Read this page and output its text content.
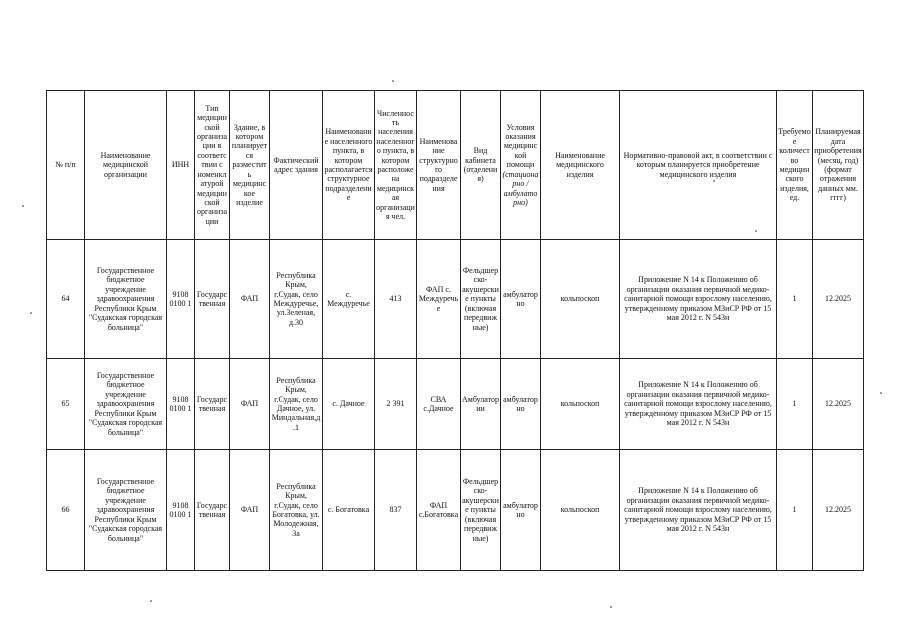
№ п/п	Наименование медицинской организации	ИНН	Тип медицинской организации в соответствии с номенклатурой медицинской организации	Здание, в котором планируется разместить медицинское изделие	Фактический адрес здания	Наименование населенного пункта, в котором располагается структурное подразделение	Численность населения населенного пункта, в котором расположена медицинская организация чел.	Наименование структурного подразделения	Вид кабинета (отделения)	Условия оказания медицинской помощи (стационарно / амбулаторно)	Наименование медицинского изделия	Нормативно-правовой акт, в соответствии с которым планируется приобретение медицинского изделия	Требуемое количество медицинского изделия, ед.	Планируемая дата приобретения (месяц, год) (формат отражения данных мм. гггг)
64	Государственное бюджетное учреждение здравоохранения Республики Крым "Судакская городская больница"	9108 0100 1	Государственная	ФАП	Республика Крым, г.Судак, село Междуречье, ул.Зеленая, д.30	с. Междуречье	413	ФАП с. Междуречье	Фельдшерско-акушерские пункты (включая передвижные)	амбулаторно	кольпоскоп	Приложение N 14 к Положению об организации оказания первичной медико-санитарной помощи взрослому населению, утвержденному приказом МЗиСР РФ от 15 мая 2012 г. N 543н	1	12.2025
65	Государственное бюджетное учреждение здравоохранения Республики Крым "Судакская городская больница"	9108 0100 1	Государственная	ФАП	Республика Крым, г.Судак, село Дачное, ул. Миндальная,д.1	с. Дачное	2 391	СВА с.Дачное	Амбулатории	амбулаторно	кольпоскоп	Приложение N 14 к Положению об организации оказания первичной медико-санитарной помощи взрослому населению, утвержденному приказом МЗиСР РФ от 15 мая 2012 г. N 543н	1	12.2025
66	Государственное бюджетное учреждение здравоохранения Республики Крым "Судакская городская больница"	9108 0100 1	Государственная	ФАП	Республика Крым, г.Судак, село Богатовка, ул. Молодежная, 3а	с. Богатовка	837	ФАП с.Богатовка	Фельдшерско-акушерские пункты (включая передвижные)	амбулаторно	кольпоскоп	Приложение N 14 к Положению об организации оказания первичной медико-санитарной помощи взрослому населению, утвержденному приказом МЗиСР РФ от 15 мая 2012 г. N 543н	1	12.2025
